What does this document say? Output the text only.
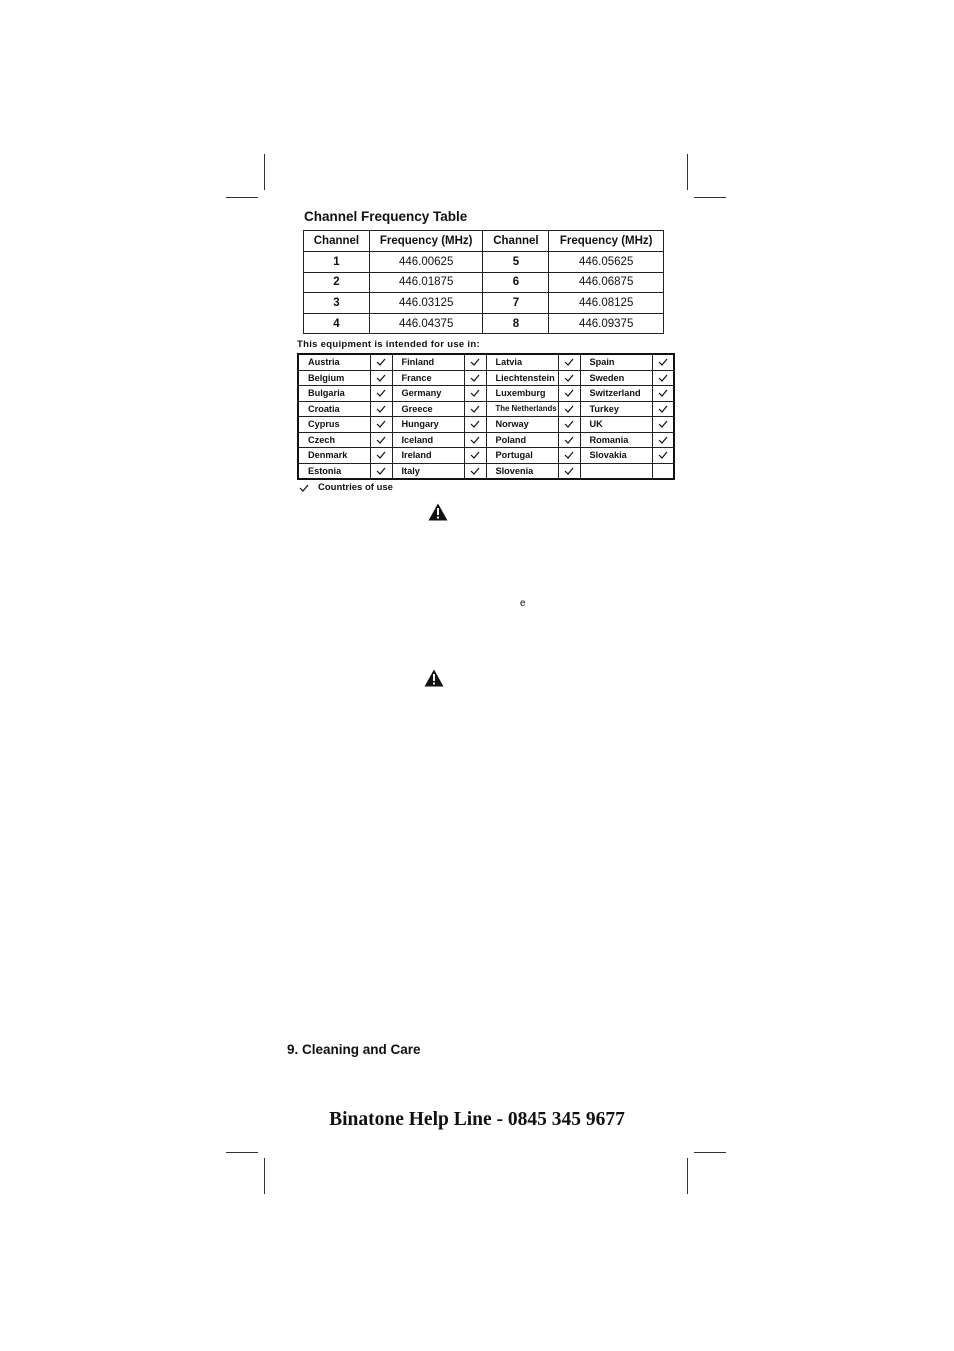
Channel Frequency Table
Channel	Frequency (MHz)	Channel	Frequency (MHz)
1	446.00625	5	446.05625
2	446.01875	6	446.06875
3	446.03125	7	446.08125
4	446.04375	8	446.09375

This equipment is intended for use in:

Austria		Finland		Latvia		Spain	

Belgium		France		Liechtenstein		Sweden	

Bulgaria		Germany		Luxemburg		Switzerland	

Croatia		Greece		The Netherlands		Turkey	

Cyprus		Hungary		Norway		UK	

Czech		Iceland		Poland		Romania	

Denmark		Ireland		Portugal		Slovakia	

Estonia		Italy		Slovenia	

Countries of use
e
9. Cleaning and Care
Binatone Help Line - 0845 345 9677
